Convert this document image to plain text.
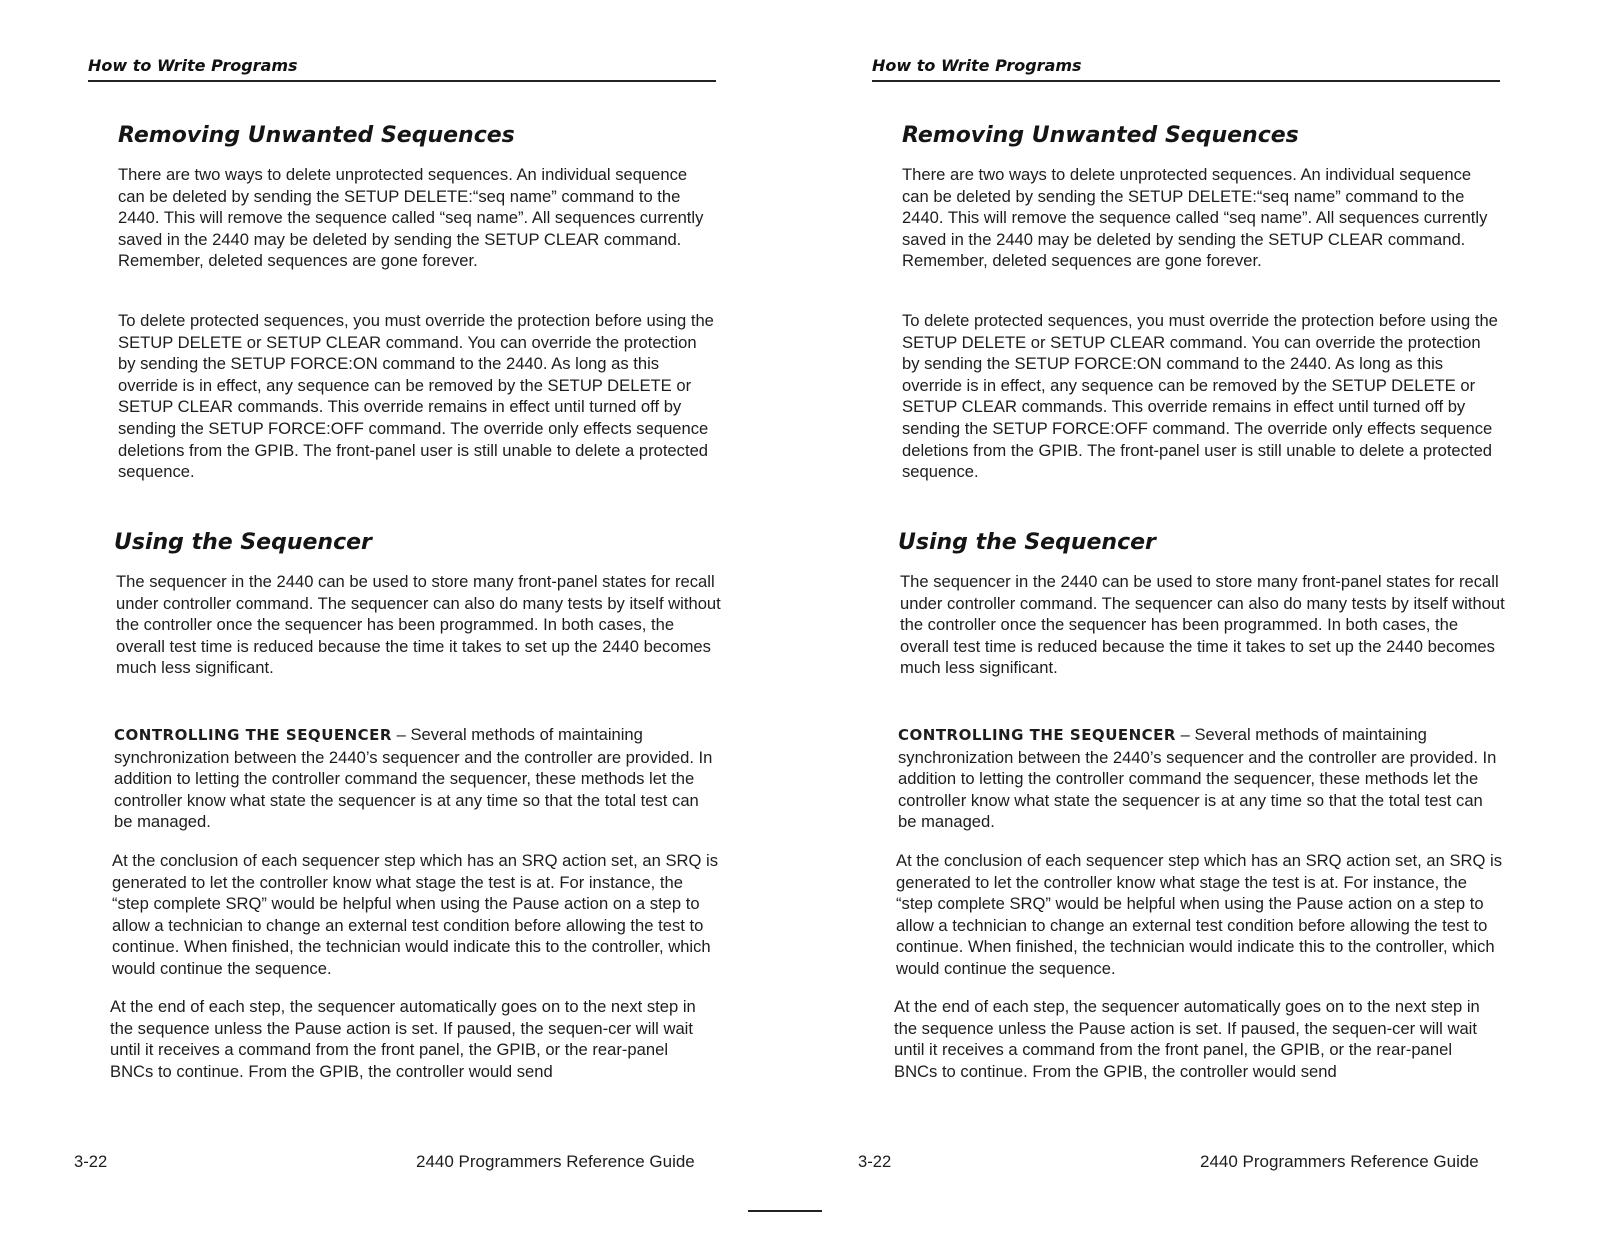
How to Write Programs
Removing Unwanted Sequences

There are two ways to delete unprotected sequences. An individual sequence can be deleted by sending the SETUP DELETE:“seq name” command to the 2440. This will remove the sequence called “seq name”. All sequences currently saved in the 2440 may be deleted by sending the SETUP CLEAR command. Remember, deleted sequences are gone forever.

To delete protected sequences, you must override the protection before using the SETUP DELETE or SETUP CLEAR command. You can override the protection by sending the SETUP FORCE:ON command to the 2440. As long as this override is in effect, any sequence can be removed by the SETUP DELETE or SETUP CLEAR commands. This override remains in effect until turned off by sending the SETUP FORCE:OFF command. The override only effects sequence deletions from the GPIB. The front-panel user is still unable to delete a protected sequence.

Using the Sequencer

The sequencer in the 2440 can be used to store many front-panel states for recall under controller command. The sequencer can also do many tests by itself without the controller once the sequencer has been programmed. In both cases, the overall test time is reduced because the time it takes to set up the 2440 becomes much less significant.

CONTROLLING THE SEQUENCER – Several methods of maintaining synchronization between the 2440’s sequencer and the controller are provided. In addition to letting the controller command the sequencer, these methods let the controller know what state the sequencer is at any time so that the total test can be managed.

At the conclusion of each sequencer step which has an SRQ action set, an SRQ is generated to let the controller know what stage the test is at. For instance, the “step complete SRQ” would be helpful when using the Pause action on a step to allow a technician to change an external test condition before allowing the test to continue. When finished, the technician would indicate this to the controller, which would continue the sequence.

At the end of each step, the sequencer automatically goes on to the next step in the sequence unless the Pause action is set. If paused, the sequen-cer will wait until it receives a command from the front panel, the GPIB, or the rear-panel BNCs to continue. From the GPIB, the controller would send

3-22	2440 Programmers Reference Guide
How to Write Programs
Removing Unwanted Sequences

There are two ways to delete unprotected sequences. An individual sequence can be deleted by sending the SETUP DELETE:“seq name” command to the 2440. This will remove the sequence called “seq name”. All sequences currently saved in the 2440 may be deleted by sending the SETUP CLEAR command. Remember, deleted sequences are gone forever.

To delete protected sequences, you must override the protection before using the SETUP DELETE or SETUP CLEAR command. You can override the protection by sending the SETUP FORCE:ON command to the 2440. As long as this override is in effect, any sequence can be removed by the SETUP DELETE or SETUP CLEAR commands. This override remains in effect until turned off by sending the SETUP FORCE:OFF command. The override only effects sequence deletions from the GPIB. The front-panel user is still unable to delete a protected sequence.

Using the Sequencer

The sequencer in the 2440 can be used to store many front-panel states for recall under controller command. The sequencer can also do many tests by itself without the controller once the sequencer has been programmed. In both cases, the overall test time is reduced because the time it takes to set up the 2440 becomes much less significant.

CONTROLLING THE SEQUENCER – Several methods of maintaining synchronization between the 2440’s sequencer and the controller are provided. In addition to letting the controller command the sequencer, these methods let the controller know what state the sequencer is at any time so that the total test can be managed.

At the conclusion of each sequencer step which has an SRQ action set, an SRQ is generated to let the controller know what stage the test is at. For instance, the “step complete SRQ” would be helpful when using the Pause action on a step to allow a technician to change an external test condition before allowing the test to continue. When finished, the technician would indicate this to the controller, which would continue the sequence.

At the end of each step, the sequencer automatically goes on to the next step in the sequence unless the Pause action is set. If paused, the sequen-cer will wait until it receives a command from the front panel, the GPIB, or the rear-panel BNCs to continue. From the GPIB, the controller would send

3-22	2440 Programmers Reference Guide
